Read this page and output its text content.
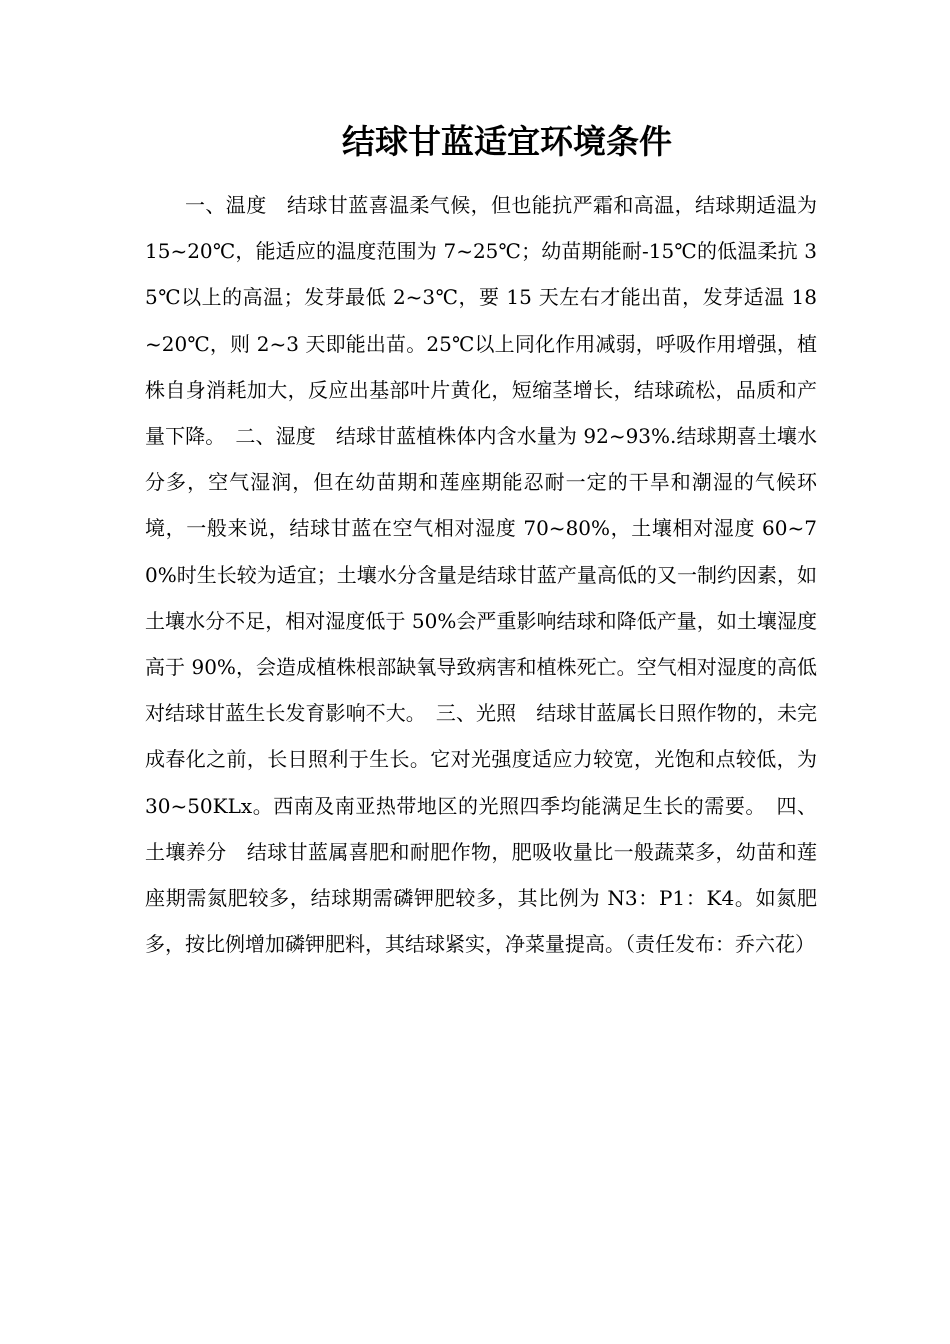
结球甘蓝适宜环境条件

一、温度　结球甘蓝喜温柔气候，但也能抗严霜和高温，结球期适温为 15~20℃，能适应的温度范围为 7~25℃；幼苗期能耐-15℃的低温柔抗 35℃以上的高温；发芽最低 2~3℃，要 15 天左右才能出苗，发芽适温 18~20℃，则 2~3 天即能出苗。25℃以上同化作用减弱，呼吸作用增强，植株自身消耗加大，反应出基部叶片黄化，短缩茎增长，结球疏松，品质和产量下降。　二、湿度　结球甘蓝植株体内含水量为 92~93%.结球期喜土壤水分多，空气湿润，但在幼苗期和莲座期能忍耐一定的干旱和潮湿的气候环境，一般来说，结球甘蓝在空气相对湿度 70~80%，土壤相对湿度 60~70%时生长较为适宜；土壤水分含量是结球甘蓝产量高低的又一制约因素，如土壤水分不足，相对湿度低于 50%会严重影响结球和降低产量，如土壤湿度高于 90%，会造成植株根部缺氧导致病害和植株死亡。空气相对湿度的高低对结球甘蓝生长发育影响不大。　三、光照　结球甘蓝属长日照作物的，未完成春化之前，长日照利于生长。它对光强度适应力较宽，光饱和点较低，为 30~50KLx。西南及南亚热带地区的光照四季均能满足生长的需要。　四、土壤养分　结球甘蓝属喜肥和耐肥作物，肥吸收量比一般蔬菜多，幼苗和莲座期需氮肥较多，结球期需磷钾肥较多，其比例为 N3：P1：K4。如氮肥多，按比例增加磷钾肥料，其结球紧实，净菜量提高。（责任发布：乔六花）
